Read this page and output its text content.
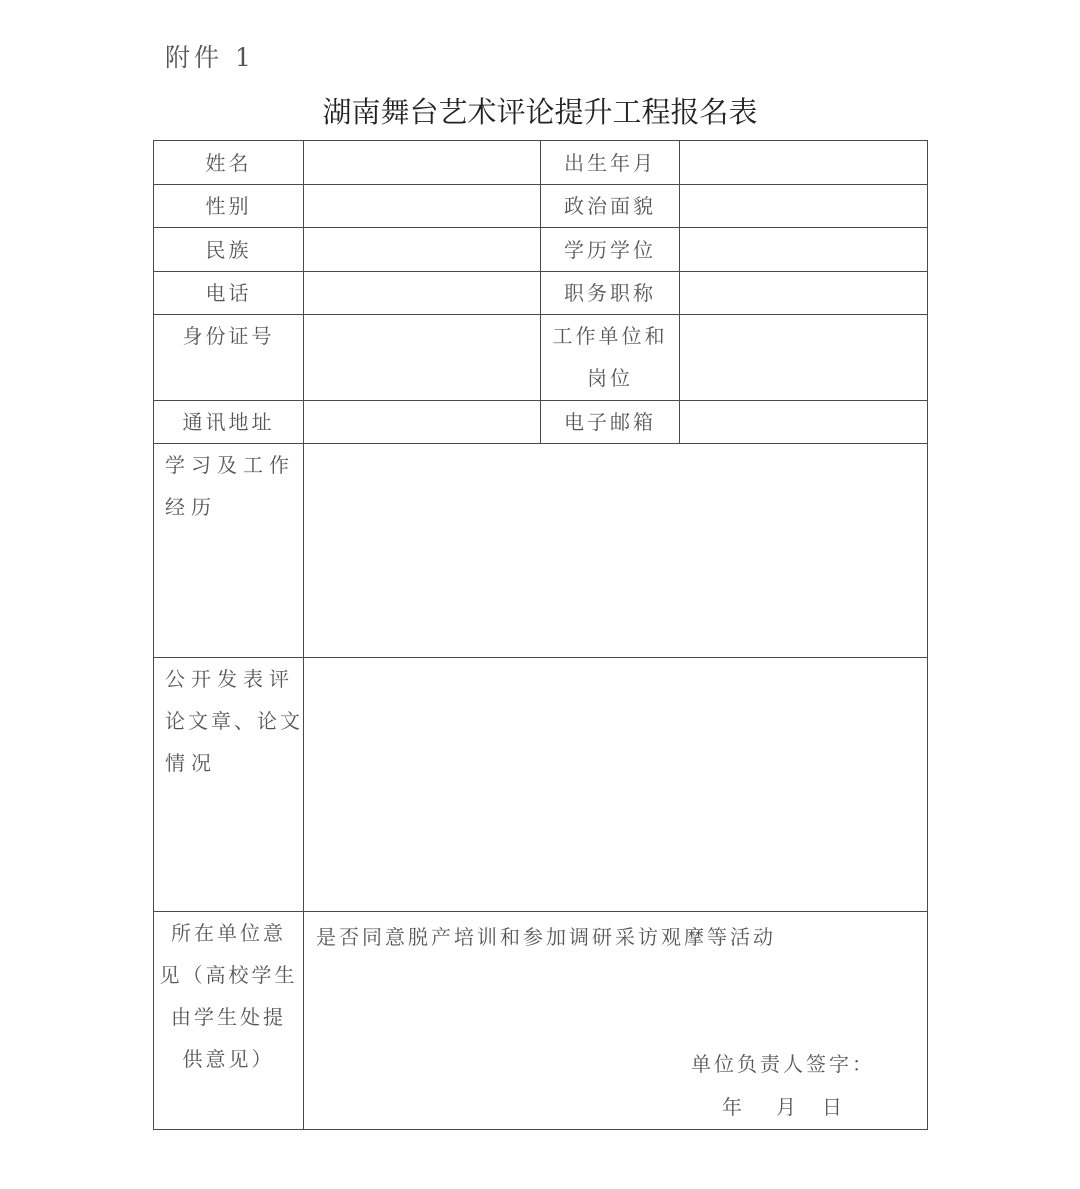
附件 1
湖南舞台艺术评论提升工程报名表
姓名	出生年月
性别	政治面貌
民族	学历学位
电话	职务职称
身份证号	工作单位和
岗位
通讯地址	电子邮箱
学习及工作
经历
公开发表评
论文章、论文
情况
所在单位意
见（高校学生
由学生处提
供意见）
是否同意脱产培训和参加调研采访观摩等活动
单位负责人签字：
年 月 日
